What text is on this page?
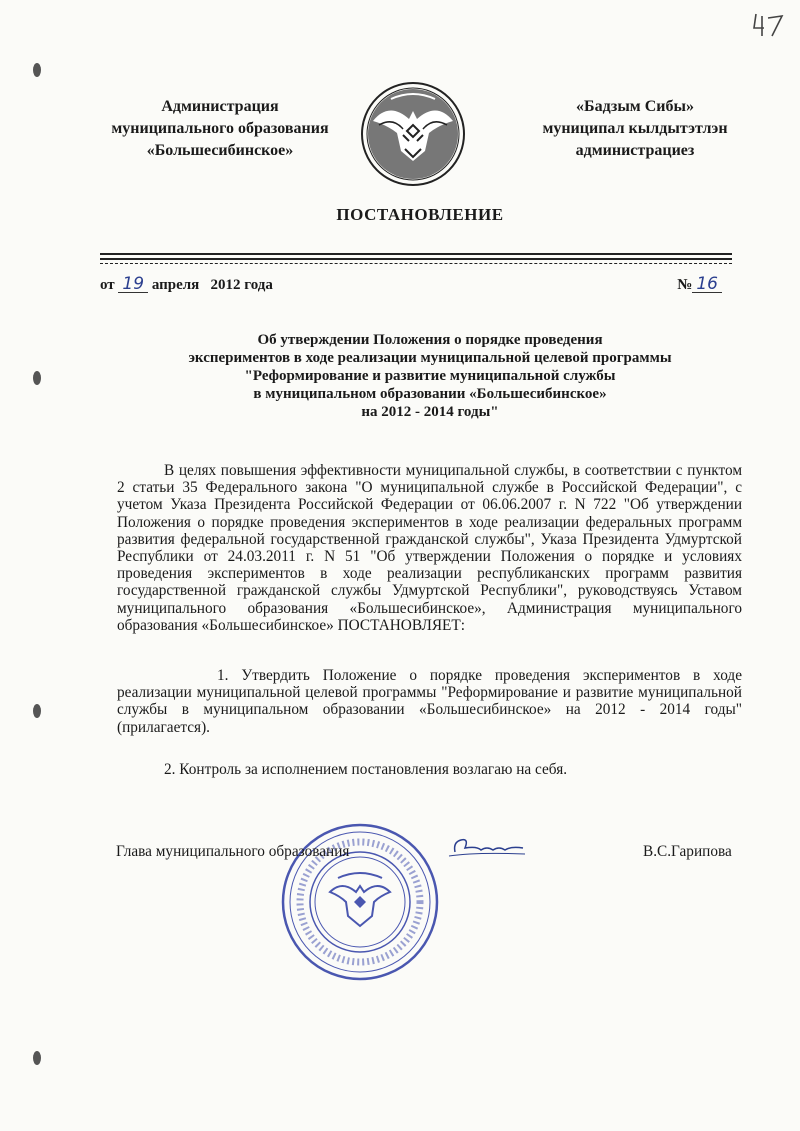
Администрация
муниципального образования
«Большесибинское»
«Бадзым Сибы»
муниципал кылдытэтлэн
администрациез
ПОСТАНОВЛЕНИЕ
от 19 апреля   2012 года	№ 16
Об утверждении Положения о порядке проведения
экспериментов в ходе реализации муниципальной целевой программы
"Реформирование и развитие муниципальной службы
в муниципальном образовании «Большесибинское»
на 2012 - 2014 годы"
В целях повышения эффективности муниципальной службы, в соответствии с пунктом 2 статьи 35 Федерального закона "О муниципальной службе в Российской Федерации", с учетом Указа Президента Российской Федерации от 06.06.2007 г. N 722 "Об утверждении Положения о порядке проведения экспериментов в ходе реализации федеральных программ развития федеральной государственной гражданской службы", Указа Президента Удмуртской Республики от 24.03.2011 г. N 51 "Об утверждении Положения о порядке и условиях проведения экспериментов в ходе реализации республиканских программ развития государственной гражданской службы Удмуртской Республики", руководствуясь Уставом муниципального образования «Большесибинское», Администрация муниципального образования «Большесибинское» ПОСТАНОВЛЯЕТ:
1. Утвердить Положение о порядке проведения экспериментов в ходе реализации муниципальной целевой программы "Реформирование и развитие муниципальной службы в муниципальном образовании «Большесибинское» на 2012 - 2014 годы" (прилагается).
2. Контроль за исполнением постановления возлагаю на себя.
Глава муниципального образования	В.С.Гарипова
